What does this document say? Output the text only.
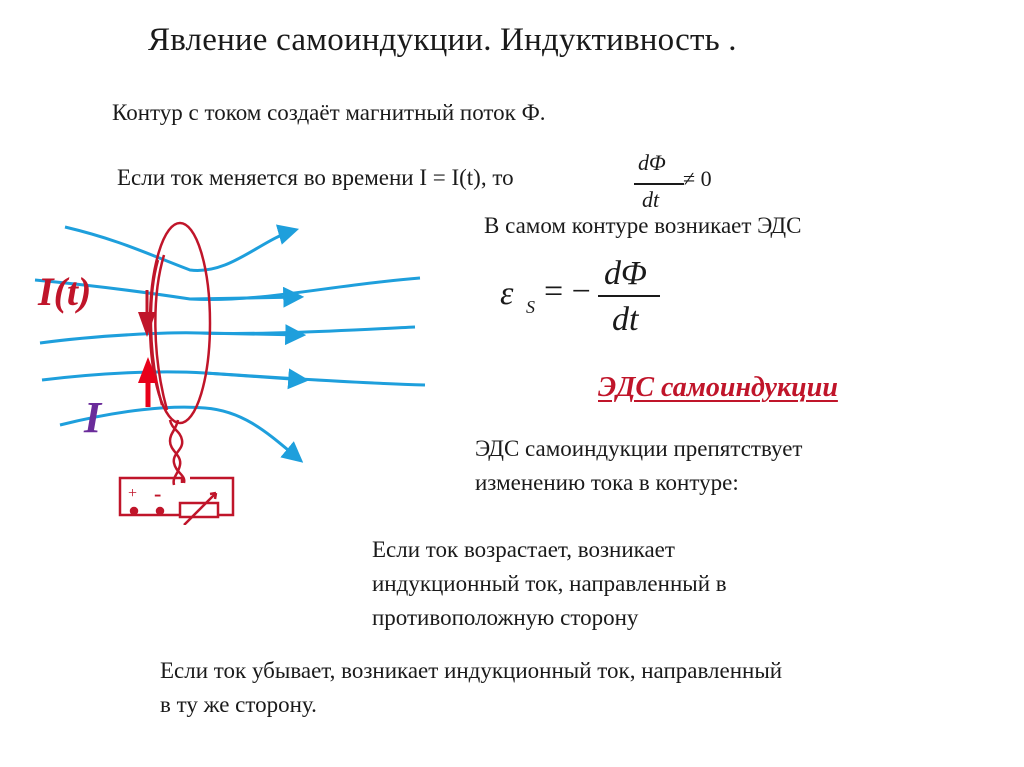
Явление самоиндукции. Индуктивность .
Контур с током создаёт магнитный поток Ф.
Если ток меняется во времени I = I(t), то
dΦ
dt
≠ 0
В самом контуре возникает ЭДС
ε S = − dΦ
dt
ЭДС самоиндукции
ЭДС самоиндукции препятствует
изменению тока в контуре:
Если ток возрастает, возникает
индукционный ток, направленный в
противоположную сторону
Если ток убывает, возникает индукционный ток, направленный
в ту же сторону.
+ -
I(t)
I
